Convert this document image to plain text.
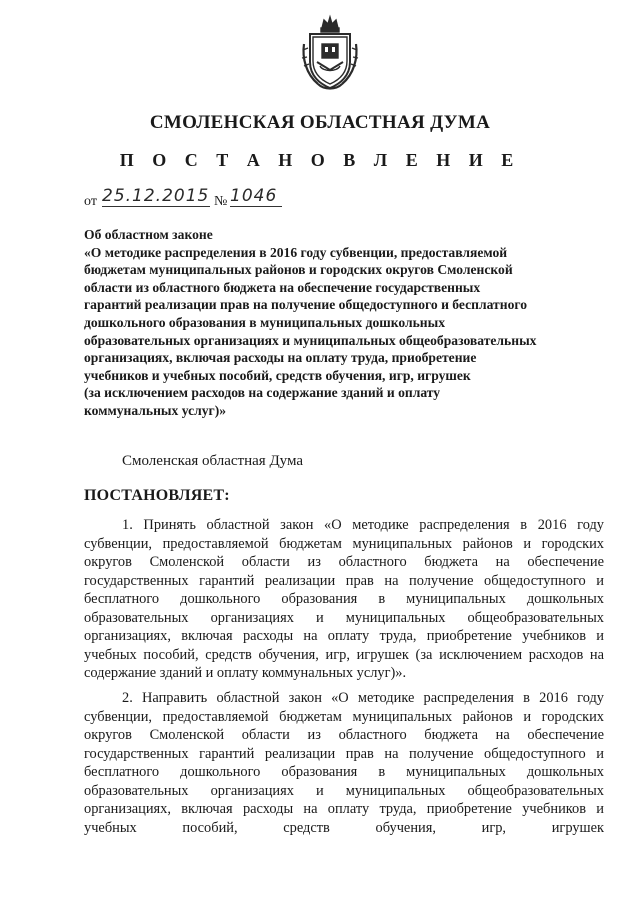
СМОЛЕНСКАЯ ОБЛАСТНАЯ ДУМА
П О С Т А Н О В Л Е Н И Е
от 25.12.2015 № 1046
Об областном законе
«О методике распределения в 2016 году субвенции, предоставляемой
бюджетам муниципальных районов и городских округов Смоленской
области из областного бюджета на обеспечение государственных
гарантий реализации прав на получение общедоступного и бесплатного
дошкольного образования в муниципальных дошкольных
образовательных организациях и муниципальных общеобразовательных
организациях, включая расходы на оплату труда, приобретение
учебников и учебных пособий, средств обучения, игр, игрушек
(за исключением расходов на содержание зданий и оплату
коммунальных услуг)»
Смоленская областная Дума
ПОСТАНОВЛЯЕТ:
1. Принять областной закон «О методике распределения в 2016 году
субвенции, предоставляемой бюджетам муниципальных районов и городских
округов Смоленской области из областного бюджета на обеспечение
государственных гарантий реализации прав на получение общедоступного и
бесплатного дошкольного образования в муниципальных дошкольных
образовательных организациях и муниципальных общеобразовательных
организациях, включая расходы на оплату труда, приобретение учебников и
учебных пособий, средств обучения, игр, игрушек (за исключением расходов на
содержание зданий и оплату коммунальных услуг)».
2. Направить областной закон «О методике распределения в 2016 году
субвенции, предоставляемой бюджетам муниципальных районов и городских
округов Смоленской области из областного бюджета на обеспечение
государственных гарантий реализации прав на получение общедоступного и
бесплатного дошкольного образования в муниципальных дошкольных
образовательных организациях и муниципальных общеобразовательных
организациях, включая расходы на оплату труда, приобретение учебников и
учебных пособий, средств обучения, игр, игрушек
